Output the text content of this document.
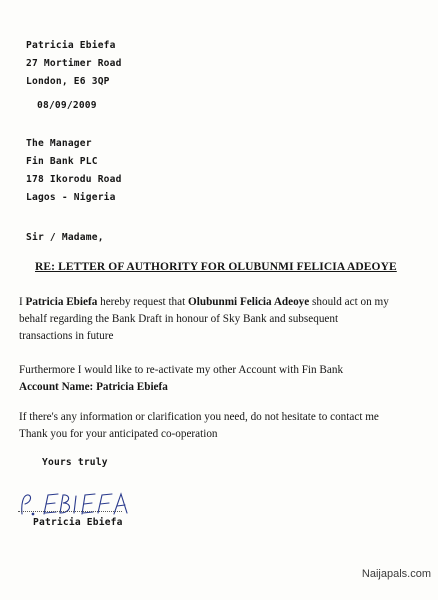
Patricia Ebiefa
27 Mortimer Road
London, E6 3QP
08/09/2009
The Manager
Fin Bank PLC
178 Ikorodu Road
Lagos - Nigeria
Sir / Madame,
RE: LETTER OF AUTHORITY FOR OLUBUNMI FELICIA ADEOYE
I Patricia Ebiefa hereby request that Olubunmi Felicia Adeoye should act on my
behalf regarding the Bank Draft in honour of Sky Bank and subsequent
transactions in future
Furthermore I would like to re-activate my other Account with Fin Bank
Account Name: Patricia Ebiefa
If there's any information or clarification you need, do not hesitate to contact me
Thank you for your anticipated co-operation
Yours truly
Patricia Ebiefa
Naijapals.com
